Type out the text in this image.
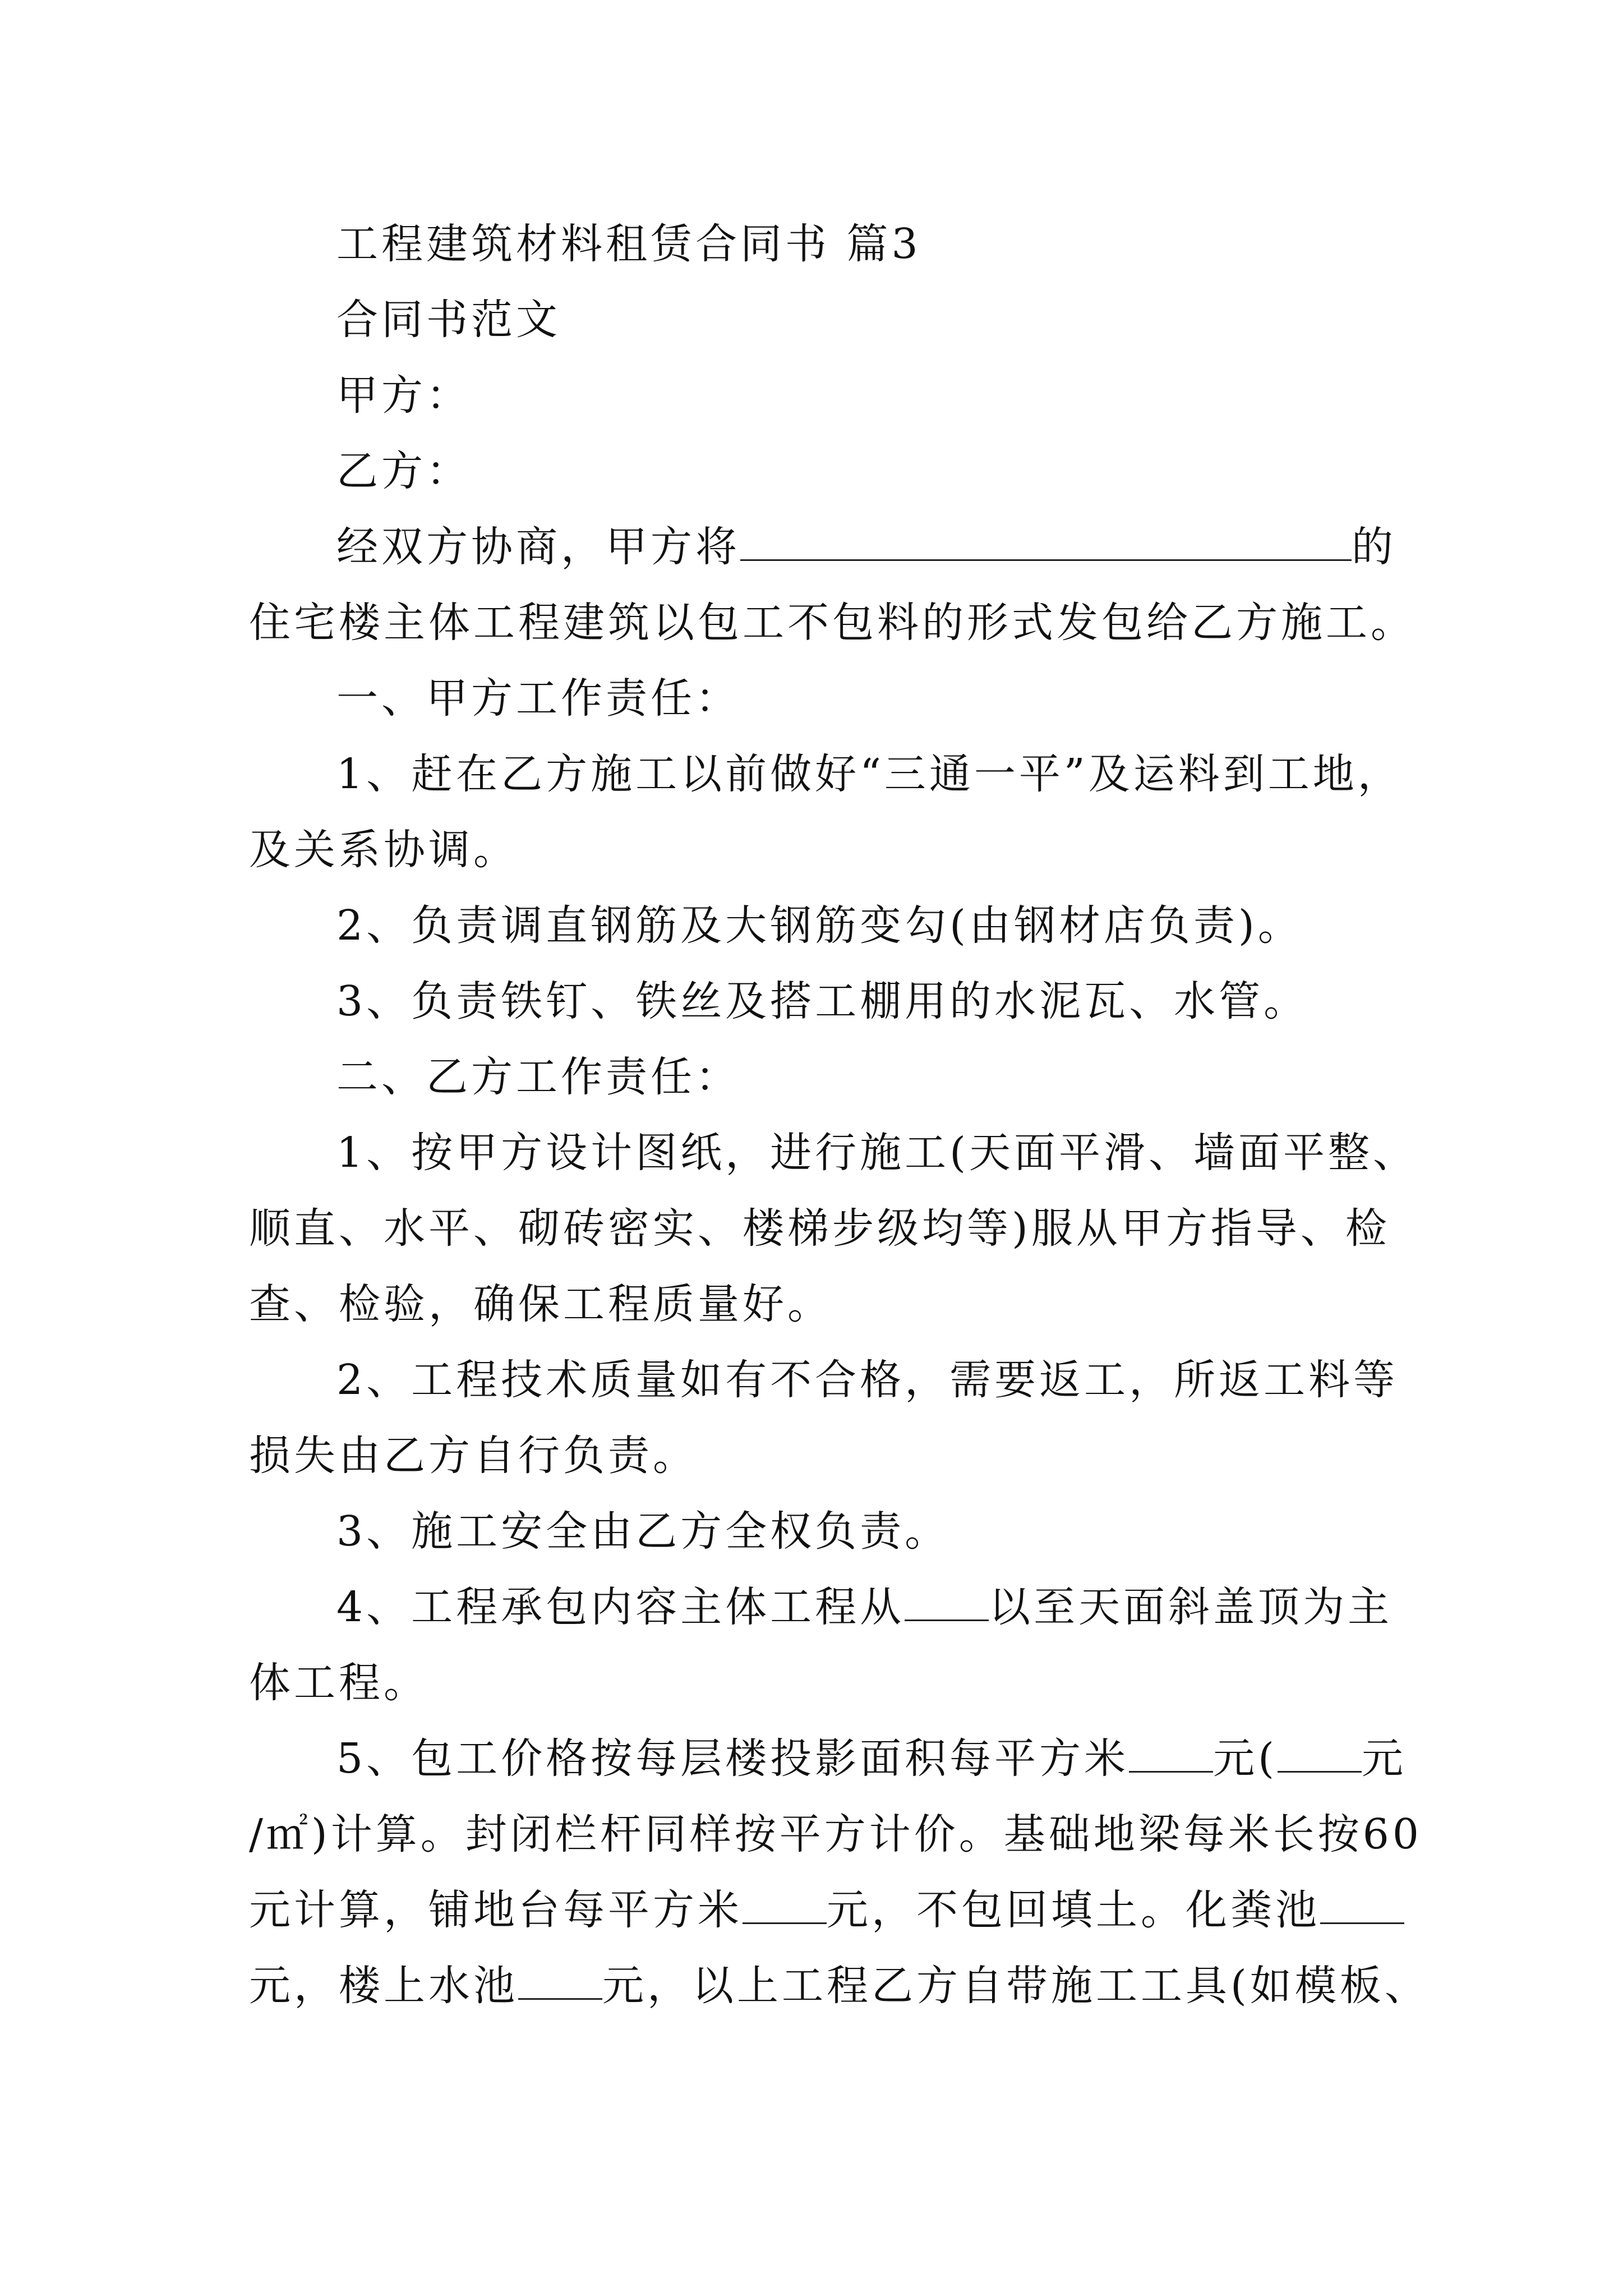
工程建筑材料租赁合同书 篇3
合同书范文
甲方：
乙方：
经双方协商，甲方将	的
住宅楼主体工程建筑以包工不包料的形式发包给乙方施工。
一、甲方工作责任：
1、赶在乙方施工以前做好“三通一平”及运料到工地，
及关系协调。
2、负责调直钢筋及大钢筋变勾(由钢材店负责)。
3、负责铁钉、铁丝及搭工棚用的水泥瓦、水管。
二、乙方工作责任：
1、按甲方设计图纸，进行施工(天面平滑、墙面平整、
顺直、水平、砌砖密实、楼梯步级均等)服从甲方指导、检
查、检验，确保工程质量好。
2、工程技术质量如有不合格，需要返工，所返工料等
损失由乙方自行负责。
3、施工安全由乙方全权负责。
4、工程承包内容主体工程从 以至天面斜盖顶为主
体工程。
5、包工价格按每层楼投影面积每平方米 元( 元
/㎡)计算。封闭栏杆同样按平方计价。基础地梁每米长按60
元计算，铺地台每平方米 元，不包回填土。化粪池
元，楼上水池 元，以上工程乙方自带施工工具(如模板、
